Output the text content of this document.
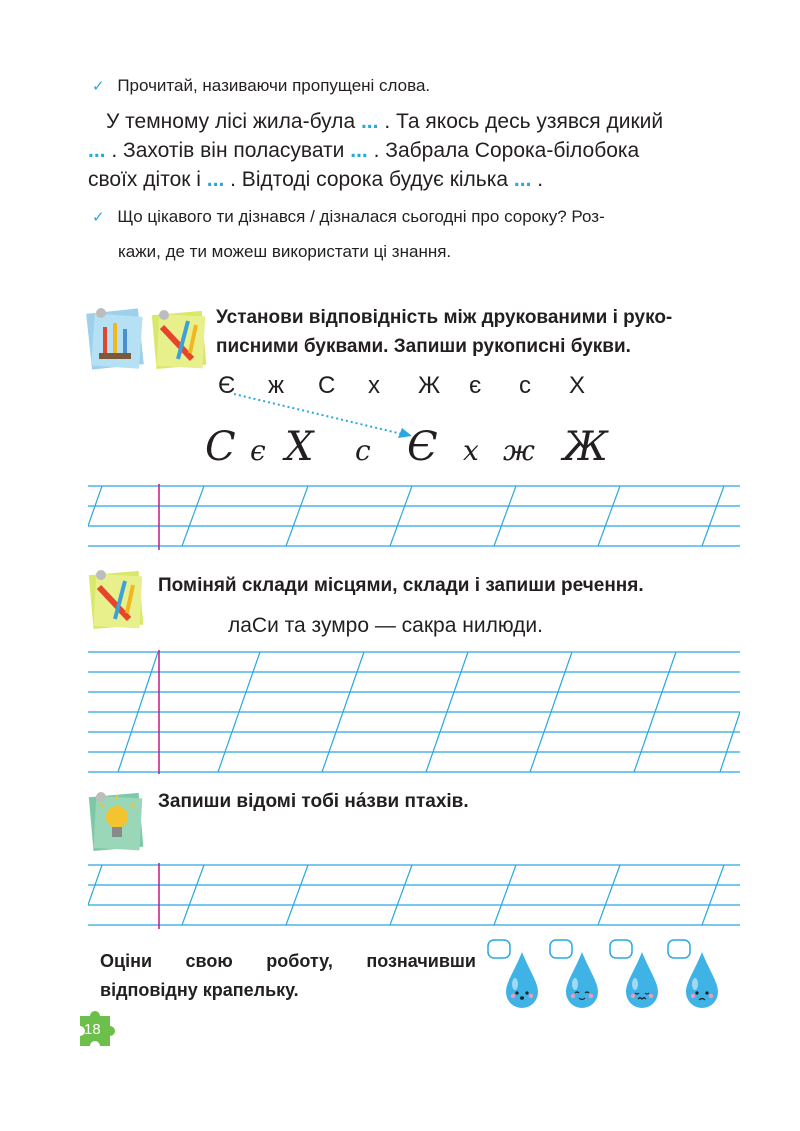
✓ Прочитай, називаючи пропущені слова.
У темному лісі жила-була ... . Та якось десь узявся дикий
... . Захотів він поласувати ... . Забрала Сорока-білобока
своїх діток і ... . Відтоді сорока будує кілька ... .
✓ Що цікавого ти дізнався / дізналася сьогодні про сороку? Роз-
кажи, де ти можеш використати ці знання.
Установи відповідність між друкованими і руко-
писними буквами. Запиши рукописні букви.
Є ж С х Ж є с Х
С є Х с Є х ж Ж
Поміняй склади місцями, склади і запиши речення.
лаСи та зумро — сакра нилюди.
Запиши відомі тобі на́зви птахів.
Оціни свою роботу, позначивши
відповідну крапельку.
18
